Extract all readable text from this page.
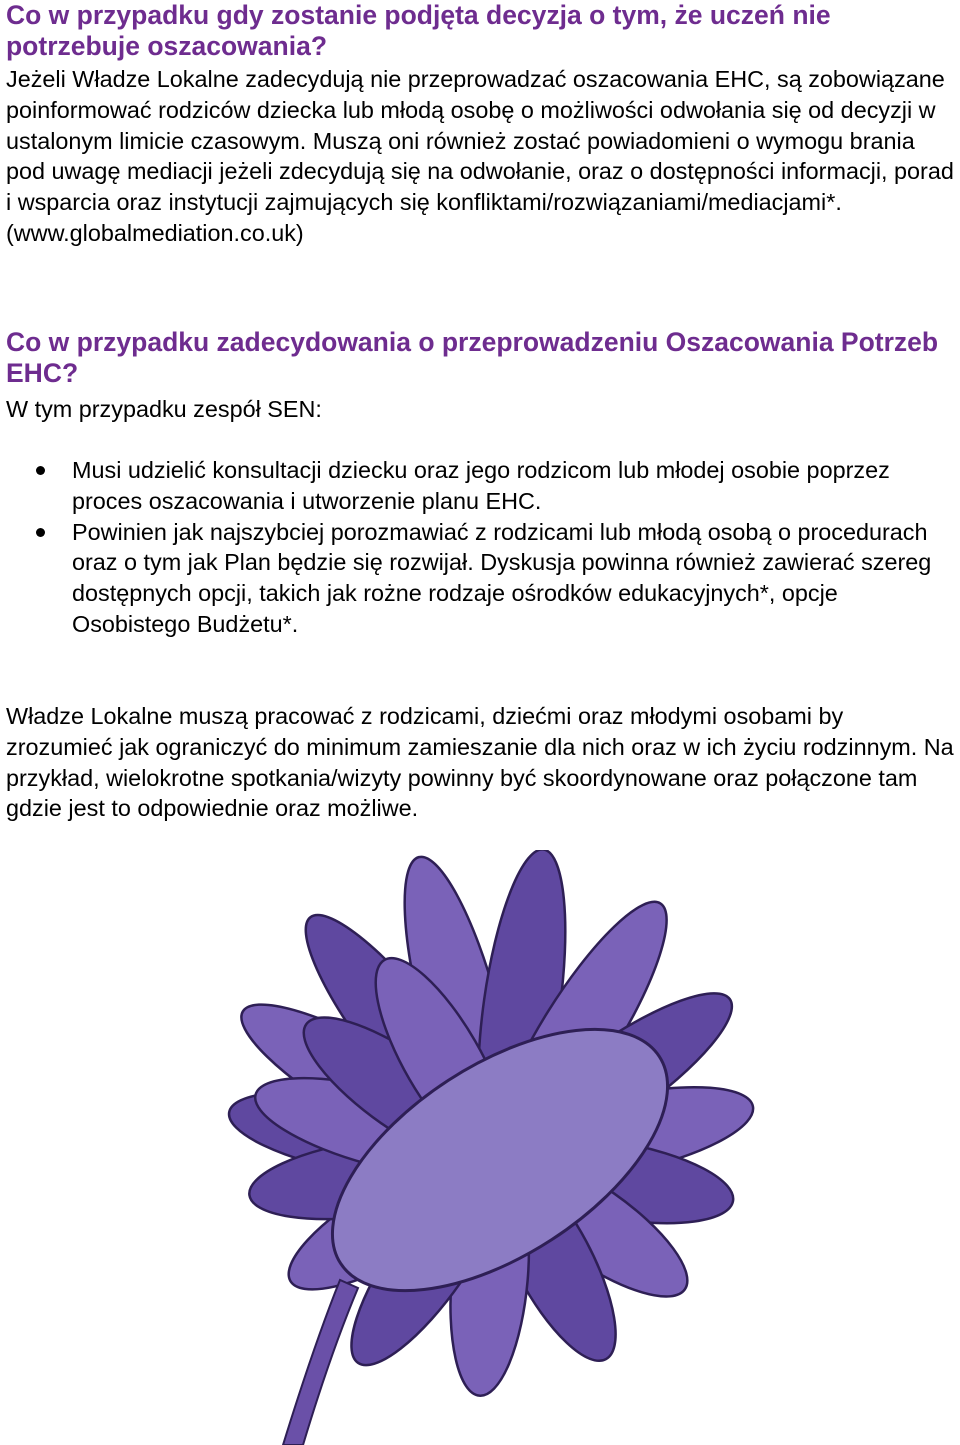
Co w przypadku gdy zostanie podjęta decyzja o tym, że uczeń nie potrzebuje oszacowania?
Jeżeli Władze Lokalne zadecydują nie przeprowadzać oszacowania EHC, są zobowiązane poinformować rodziców dziecka lub młodą osobę o możliwości odwołania się od decyzji w ustalonym limicie czasowym. Muszą oni również zostać powiadomieni o wymogu brania pod uwagę mediacji jeżeli zdecydują się na odwołanie, oraz o dostępności informacji, porad i wsparcia oraz instytucji zajmujących się konfliktami/rozwiązaniami/mediacjami*. (www.globalmediation.co.uk)
Co w przypadku zadecydowania o przeprowadzeniu Oszacowania Potrzeb EHC?
W tym przypadku zespół SEN:
Musi udzielić konsultacji dziecku oraz jego rodzicom lub młodej osobie poprzez proces oszacowania i utworzenie planu EHC.
Powinien jak najszybciej porozmawiać z rodzicami lub młodą osobą o procedurach oraz o tym jak Plan będzie się rozwijał. Dyskusja powinna również zawierać szereg dostępnych opcji, takich jak rożne rodzaje ośrodków edukacyjnych*, opcje Osobistego Budżetu*.
Władze Lokalne muszą pracować z rodzicami, dziećmi oraz młodymi osobami by zrozumieć jak ograniczyć do minimum zamieszanie dla nich oraz w ich życiu rodzinnym. Na przykład, wielokrotne spotkania/wizyty powinny być skoordynowane oraz połączone tam gdzie jest to odpowiednie oraz możliwe.
